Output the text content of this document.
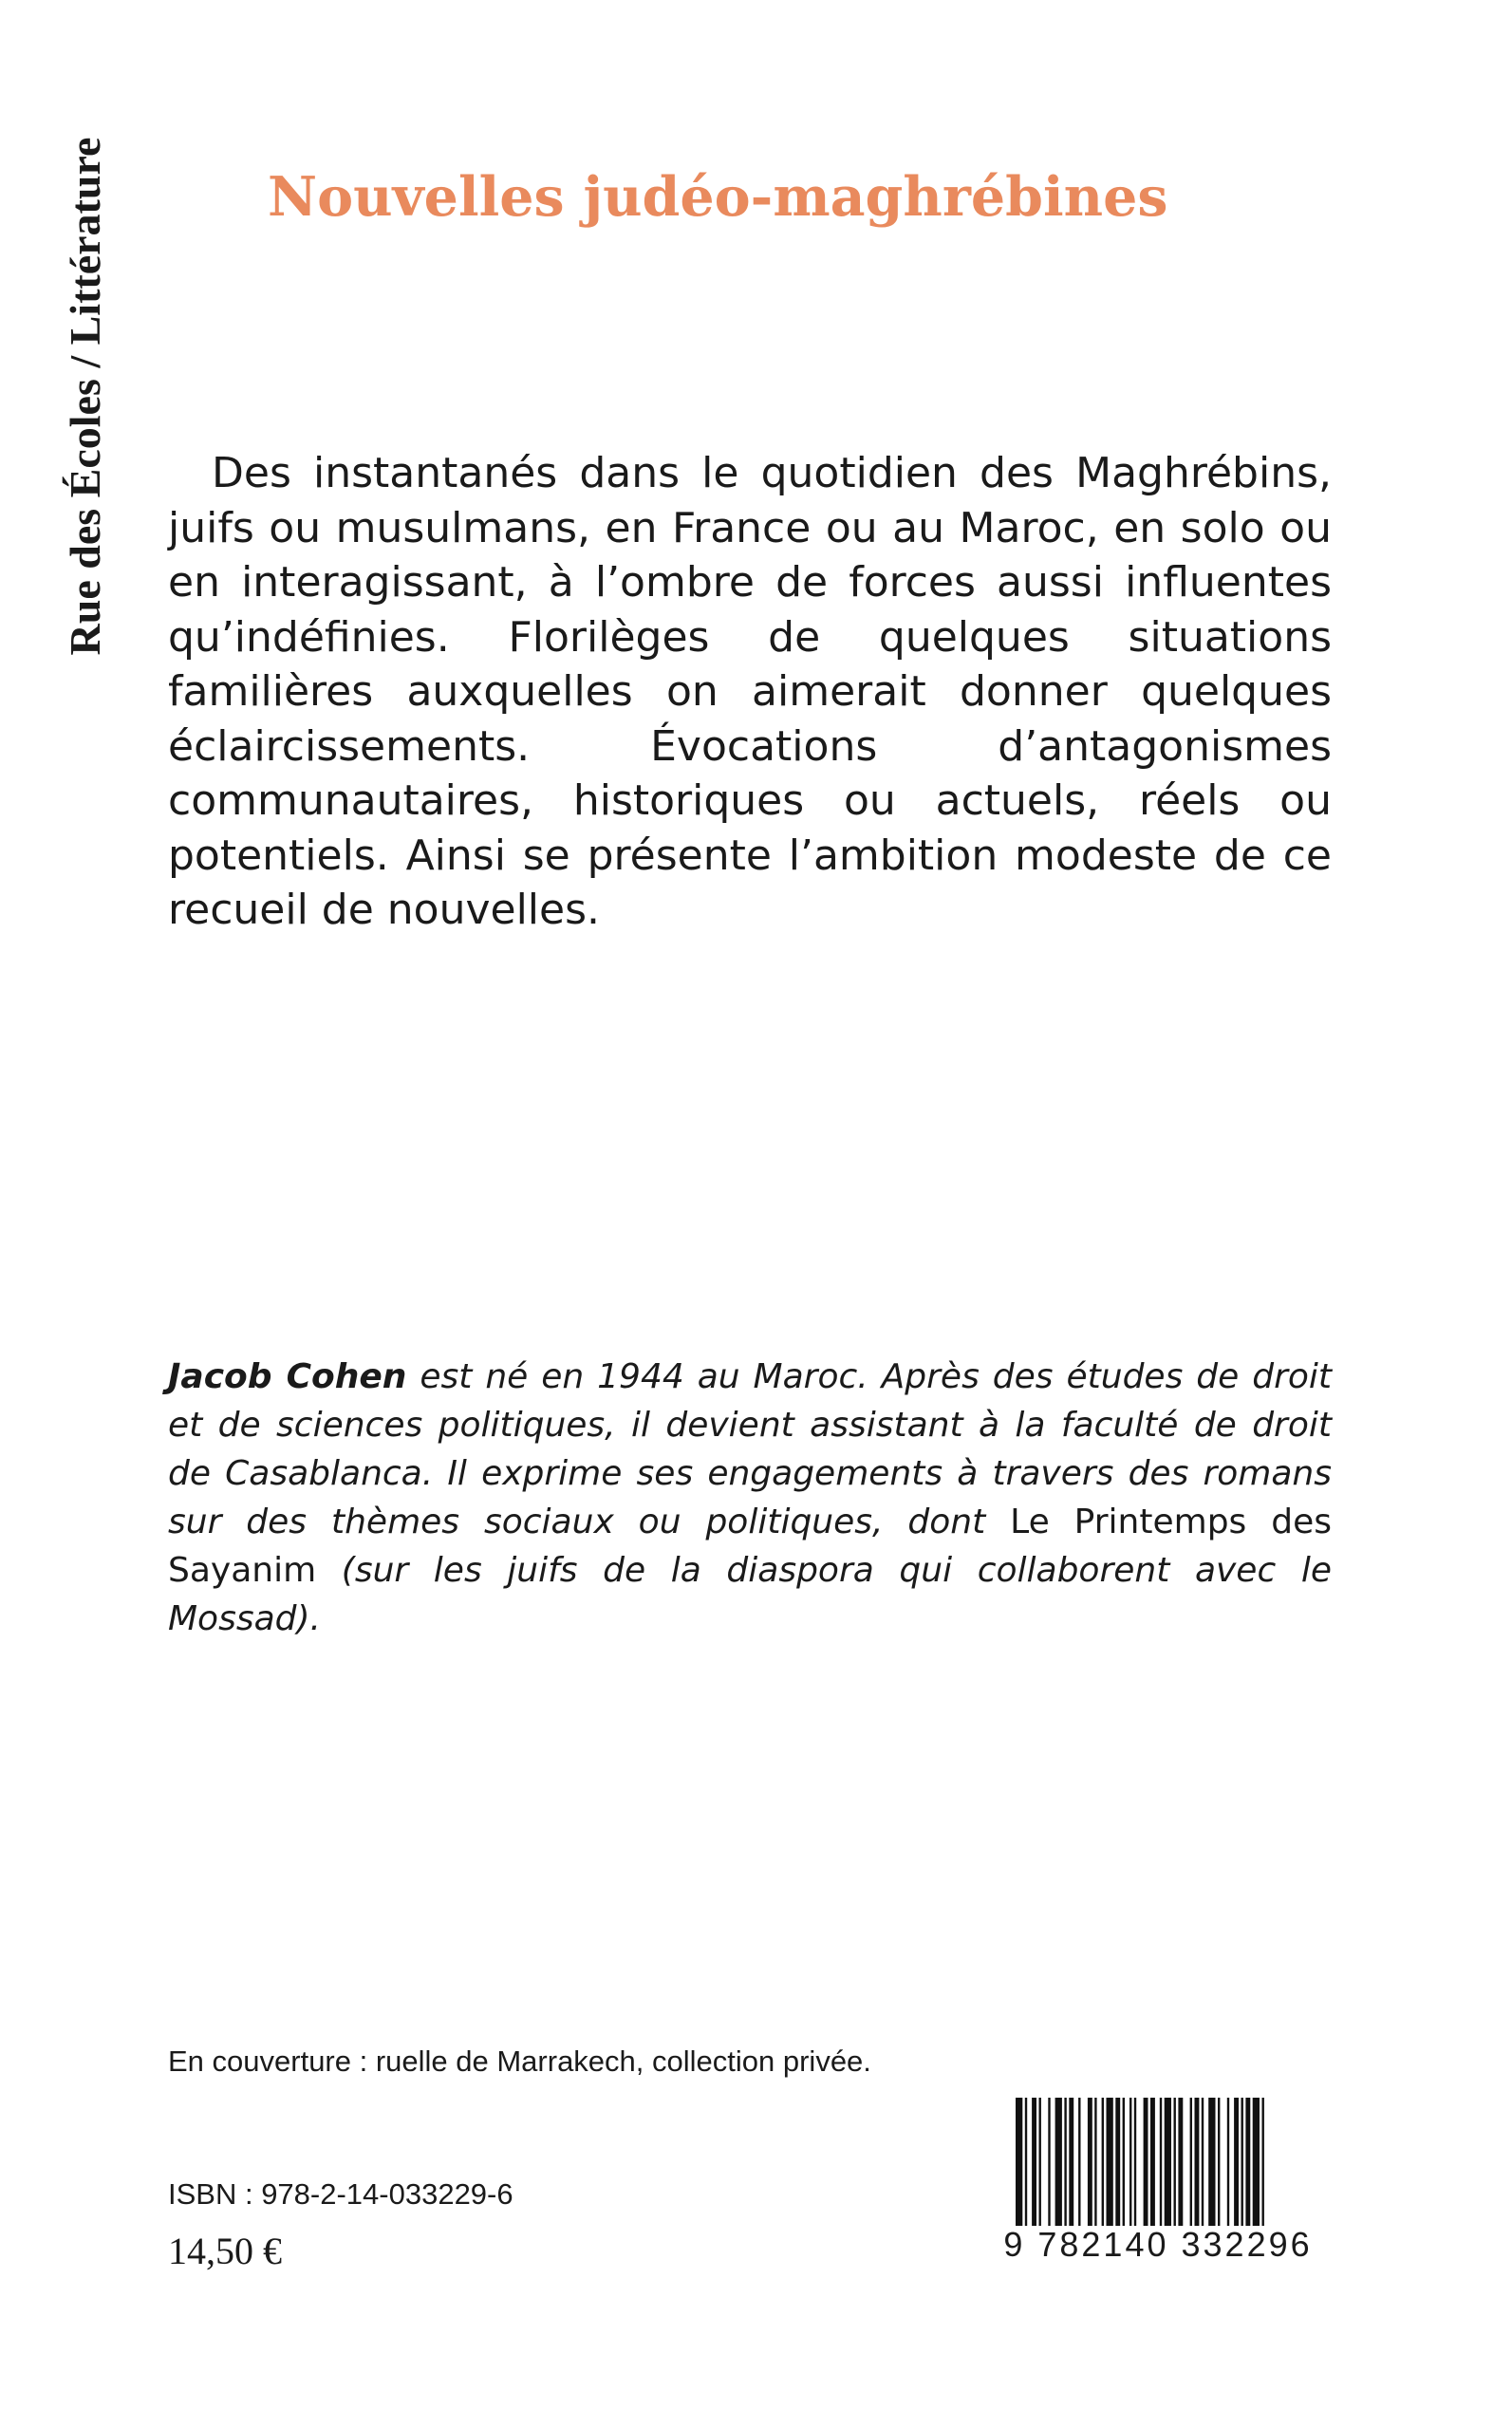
Rue des Écoles / Littérature	Nouvelles judéo-maghrébines

Des instantanés dans le quotidien des Maghrébins, juifs ou musulmans, en France ou au Maroc, en solo ou en interagissant, à l’ombre de forces aussi influentes qu’indéfinies. Florilèges de quelques situations familières auxquelles on aimerait donner quelques éclaircissements. Évocations d’antagonismes communautaires, historiques ou actuels, réels ou potentiels. Ainsi se présente l’ambition modeste de ce recueil de nouvelles.

Jacob Cohen est né en 1944 au Maroc. Après des études de droit et de sciences politiques, il devient assistant à la faculté de droit de Casablanca. Il exprime ses engagements à travers des romans sur des thèmes sociaux ou politiques, dont Le Printemps des Sayanim (sur les juifs de la diaspora qui collaborent avec le Mossad).

En couverture : ruelle de Marrakech, collection privée.
ISBN : 978-2-14-033229-6
14,50 €	9 782140 332296
